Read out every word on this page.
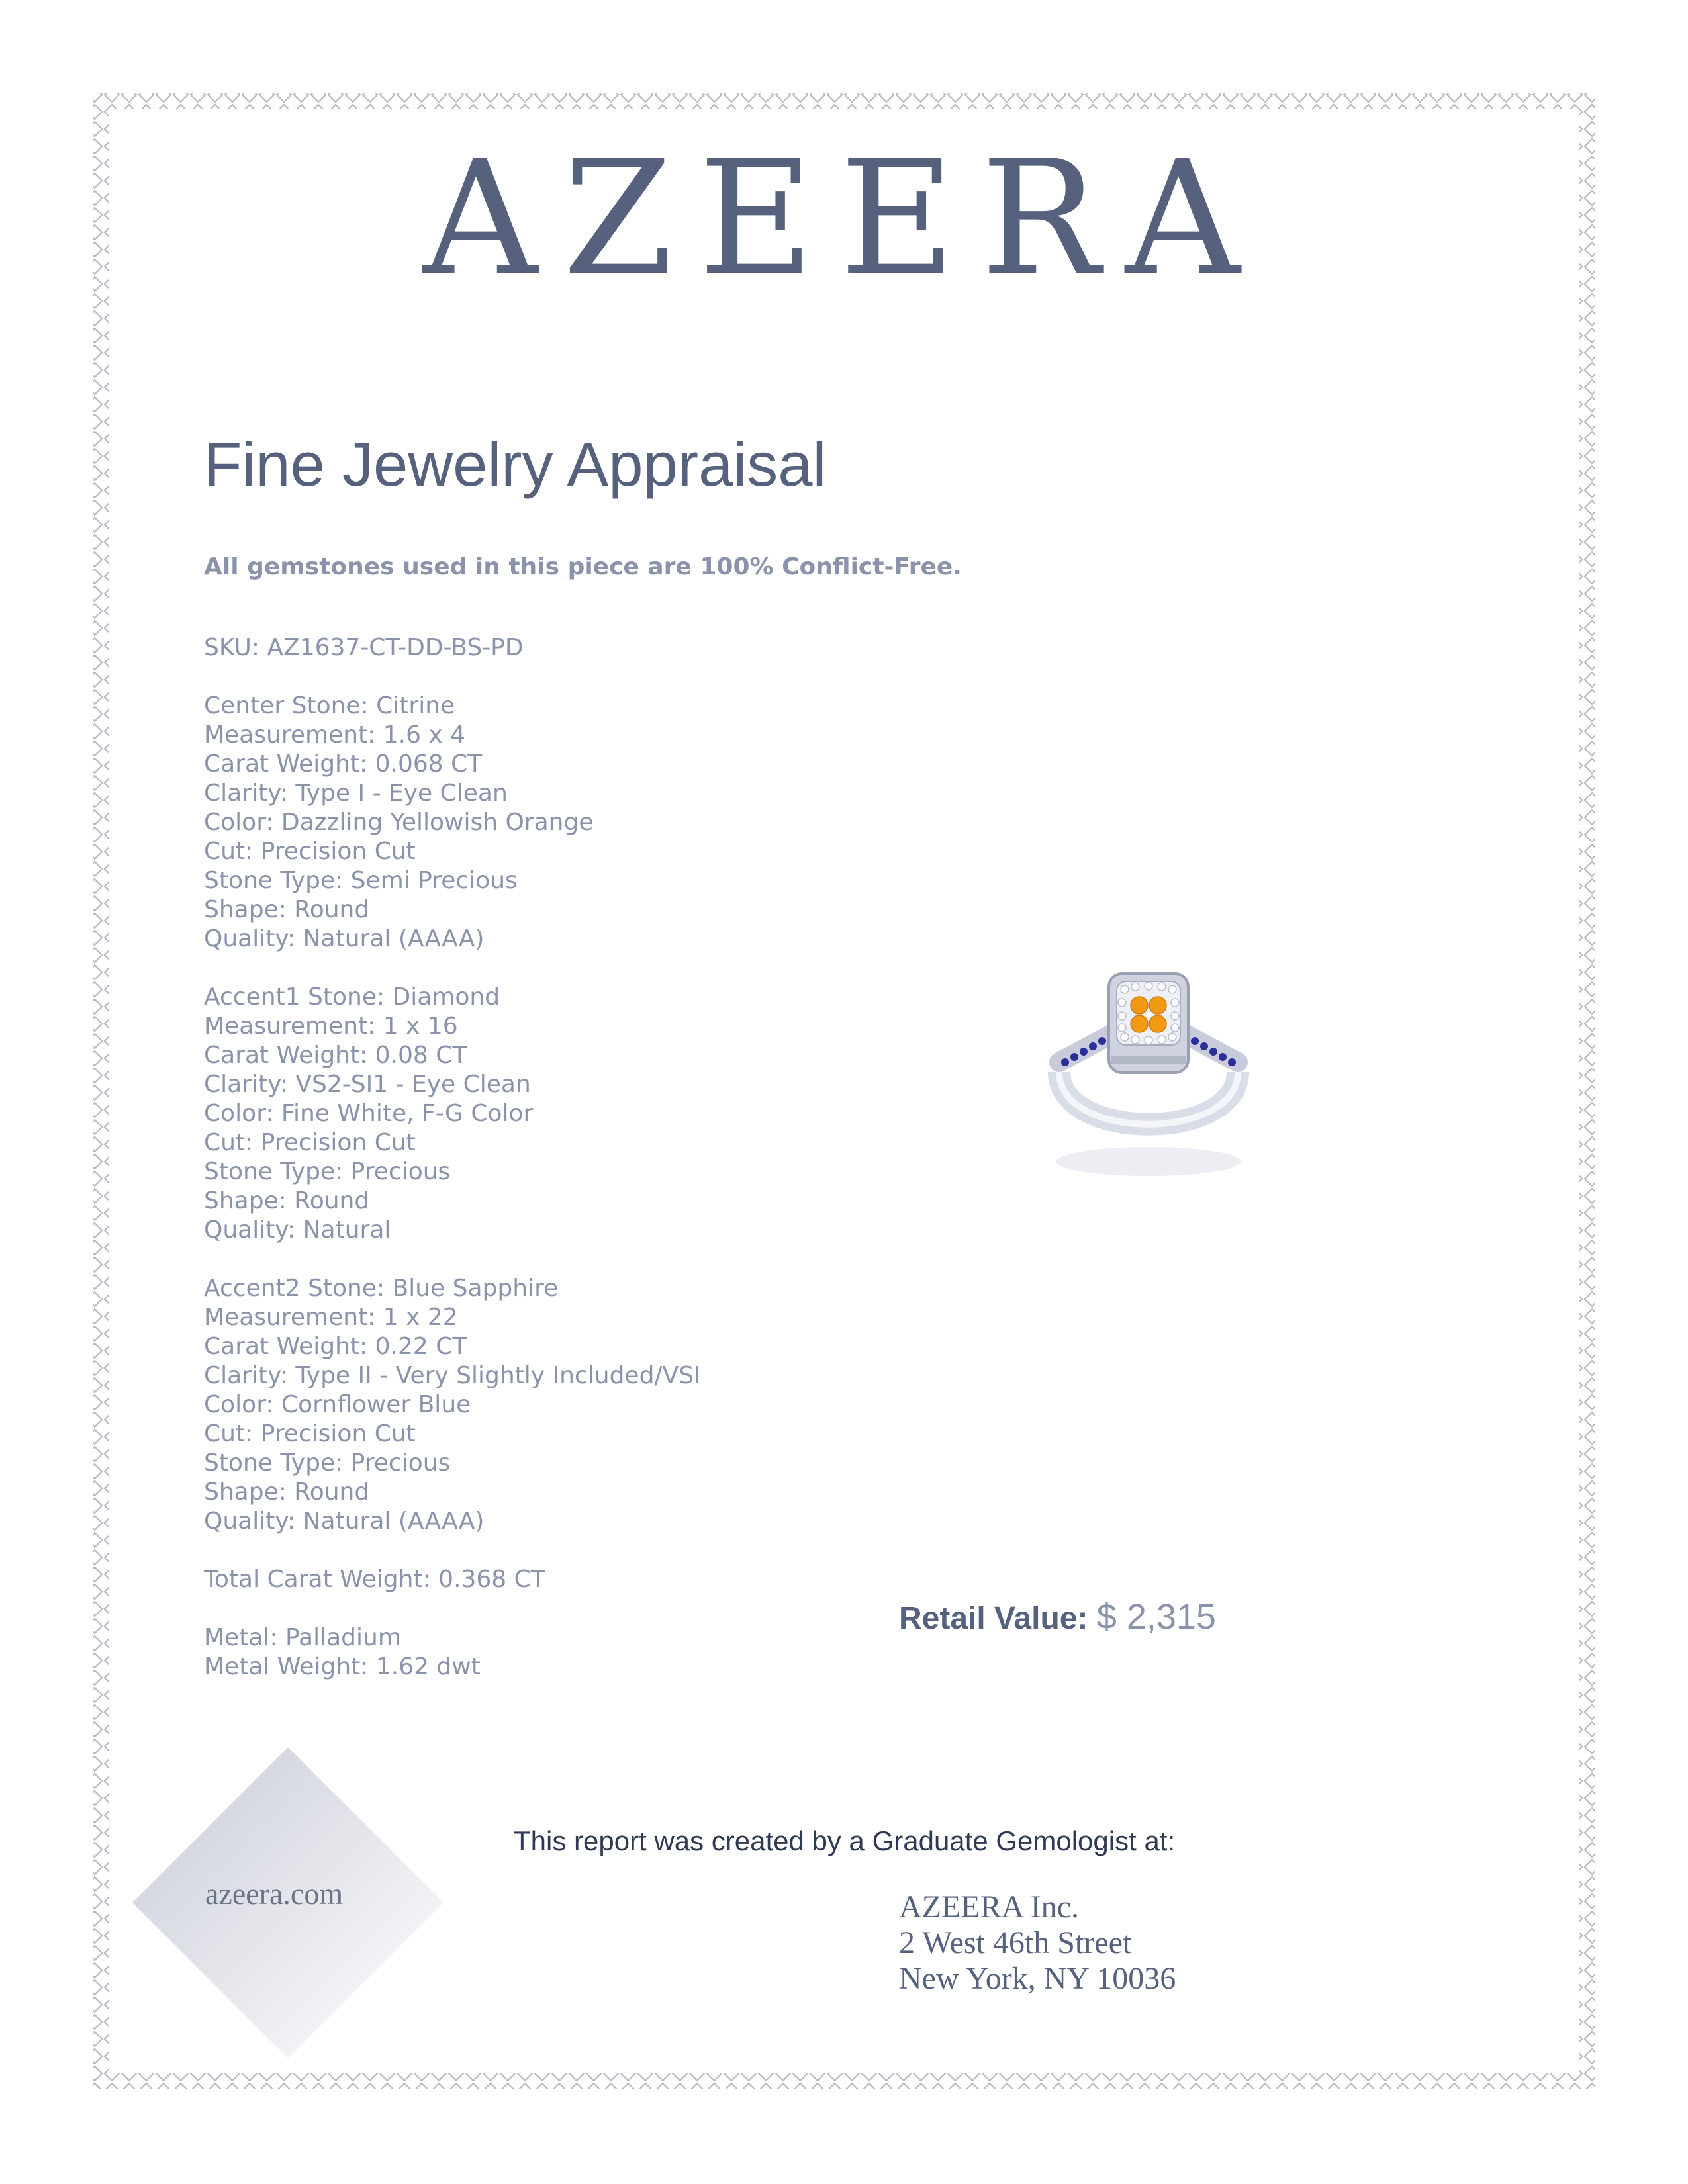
AZEERA
Fine Jewelry Appraisal
All gemstones used in this piece are 100% Conflict-Free.
SKU: AZ1637-CT-DD-BS-PD
Center Stone: Citrine
Measurement: 1.6 x 4
Carat Weight: 0.068 CT
Clarity: Type I - Eye Clean
Color: Dazzling Yellowish Orange
Cut: Precision Cut
Stone Type: Semi Precious
Shape: Round
Quality: Natural (AAAA)
Accent1 Stone: Diamond
Measurement: 1 x 16
Carat Weight: 0.08 CT
Clarity: VS2-SI1 - Eye Clean
Color: Fine White, F-G Color
Cut: Precision Cut
Stone Type: Precious
Shape: Round
Quality: Natural
Accent2 Stone: Blue Sapphire
Measurement: 1 x 22
Carat Weight: 0.22 CT
Clarity: Type II - Very Slightly Included/VSI
Color: Cornflower Blue
Cut: Precision Cut
Stone Type: Precious
Shape: Round
Quality: Natural (AAAA)
Total Carat Weight: 0.368 CT
Metal: Palladium
Metal Weight: 1.62 dwt
Retail Value: $ 2,315
azeera.com
This report was created by a Graduate Gemologist at:
AZEERA Inc.
2 West 46th Street
New York, NY 10036
